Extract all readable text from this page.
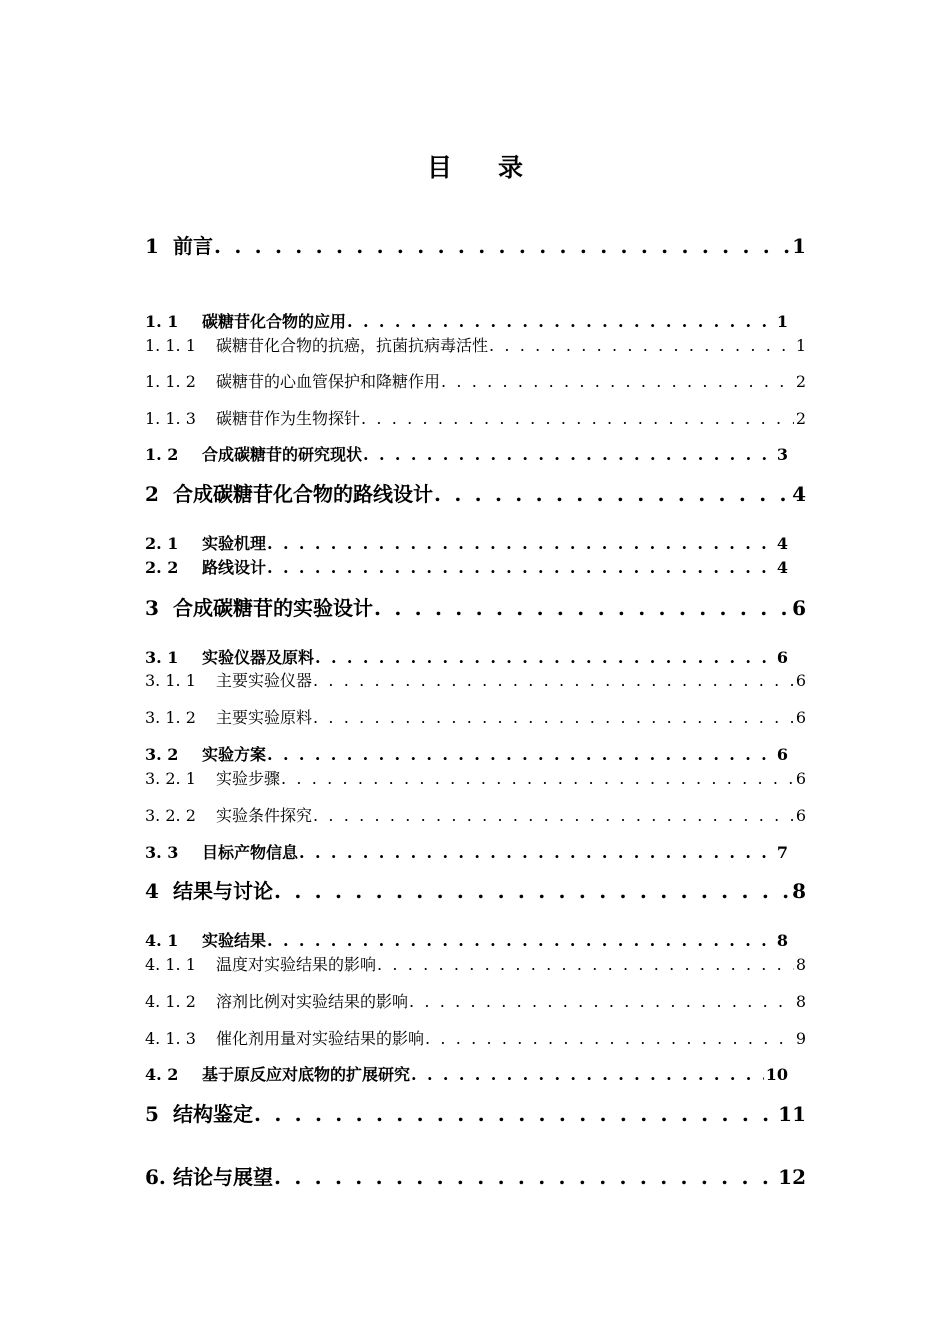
目 录
1 前言 . . .	1
1. 1	碳糖苷化合物的应用 . . .	1
1. 1. 1	碳糖苷化合物的抗癌，抗菌抗病毒活性 . . .	1
1. 1. 2	碳糖苷的心血管保护和降糖作用 . . .	2
1. 1. 3	碳糖苷作为生物探针 . . .	2
1. 2	合成碳糖苷的研究现状 . . .	3
2 合成碳糖苷化合物的路线设计 . . .	4
2. 1	实验机理 . . .	4
2. 2	路线设计 . . .	4
3 合成碳糖苷的实验设计 . . .	6
3. 1	实验仪器及原料 . . .	6
3. 1. 1	主要实验仪器 . . .	6
3. 1. 2	主要实验原料 . . .	6
3. 2	实验方案 . . .	6
3. 2. 1	实验步骤 . . .	6
3. 2. 2	实验条件探究 . . .	6
3. 3	目标产物信息 . . .	7
4 结果与讨论 . . .	8
4. 1	实验结果 . . .	8
4. 1. 1	温度对实验结果的影响 . . .	8
4. 1. 2	溶剂比例对实验结果的影响 . . .	8
4. 1. 3	催化剂用量对实验结果的影响 . . .	9
4. 2	基于原反应对底物的扩展研究 . . .	10
5 结构鉴定 . . .	11
6. 结论与展望 . . .	12
